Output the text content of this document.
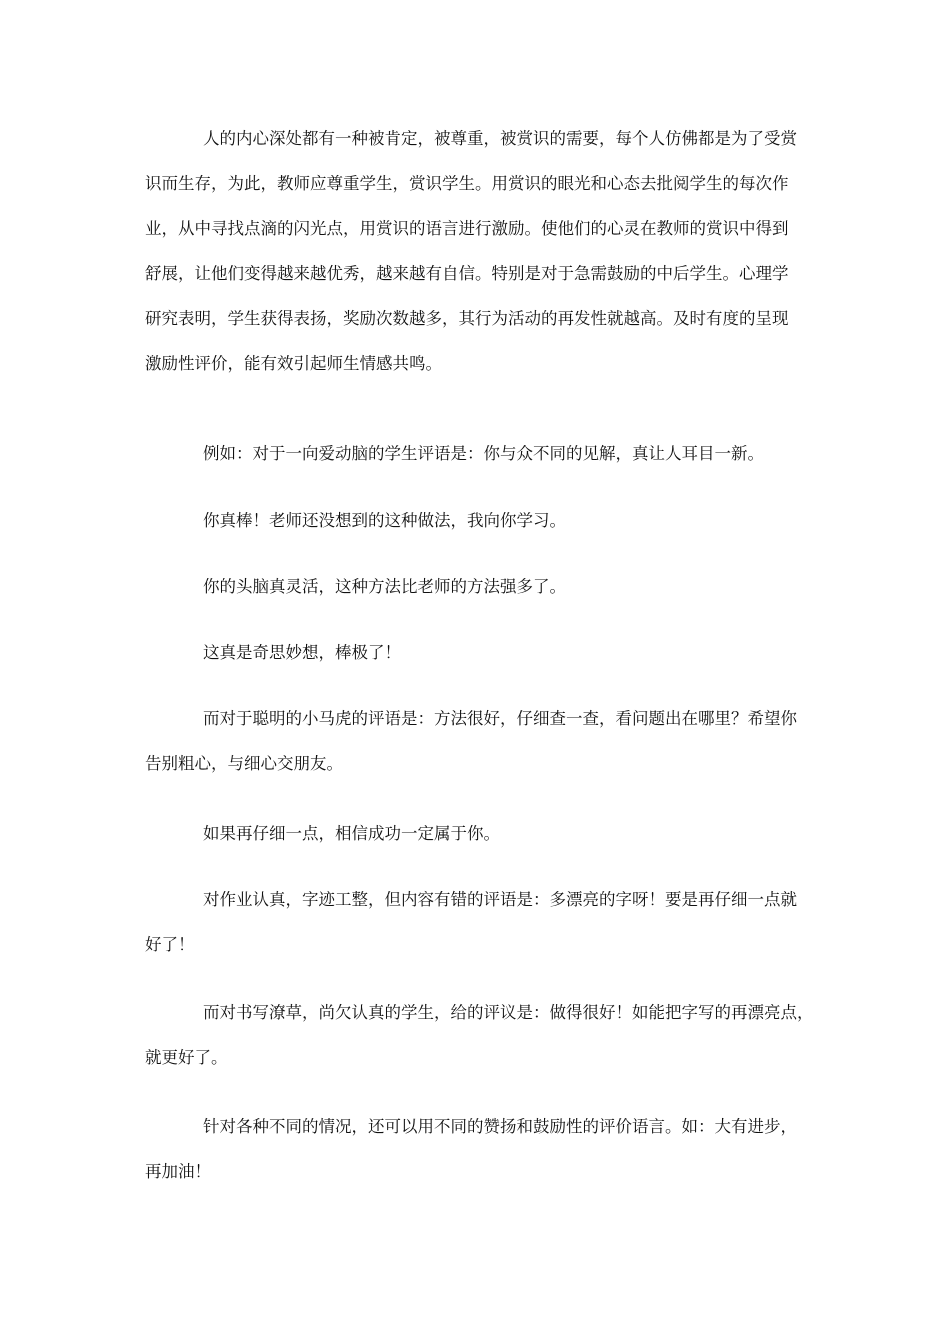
人的内心深处都有一种被肯定，被尊重，被赏识的需要，每个人仿佛都是为了受赏
识而生存，为此，教师应尊重学生，赏识学生。用赏识的眼光和心态去批阅学生的每次作
业，从中寻找点滴的闪光点，用赏识的语言进行激励。使他们的心灵在教师的赏识中得到
舒展，让他们变得越来越优秀，越来越有自信。特别是对于急需鼓励的中后学生。心理学
研究表明，学生获得表扬，奖励次数越多，其行为活动的再发性就越高。及时有度的呈现
激励性评价，能有效引起师生情感共鸣。
例如：对于一向爱动脑的学生评语是：你与众不同的见解，真让人耳目一新。
你真棒！老师还没想到的这种做法，我向你学习。
你的头脑真灵活，这种方法比老师的方法强多了。
这真是奇思妙想，棒极了！
而对于聪明的小马虎的评语是：方法很好，仔细查一查，看问题出在哪里？希望你
告别粗心，与细心交朋友。
如果再仔细一点，相信成功一定属于你。
对作业认真，字迹工整，但内容有错的评语是：多漂亮的字呀！要是再仔细一点就
好了！
而对书写潦草，尚欠认真的学生，给的评议是：做得很好！如能把字写的再漂亮点，
就更好了。
针对各种不同的情况，还可以用不同的赞扬和鼓励性的评价语言。如：大有进步，
再加油！
